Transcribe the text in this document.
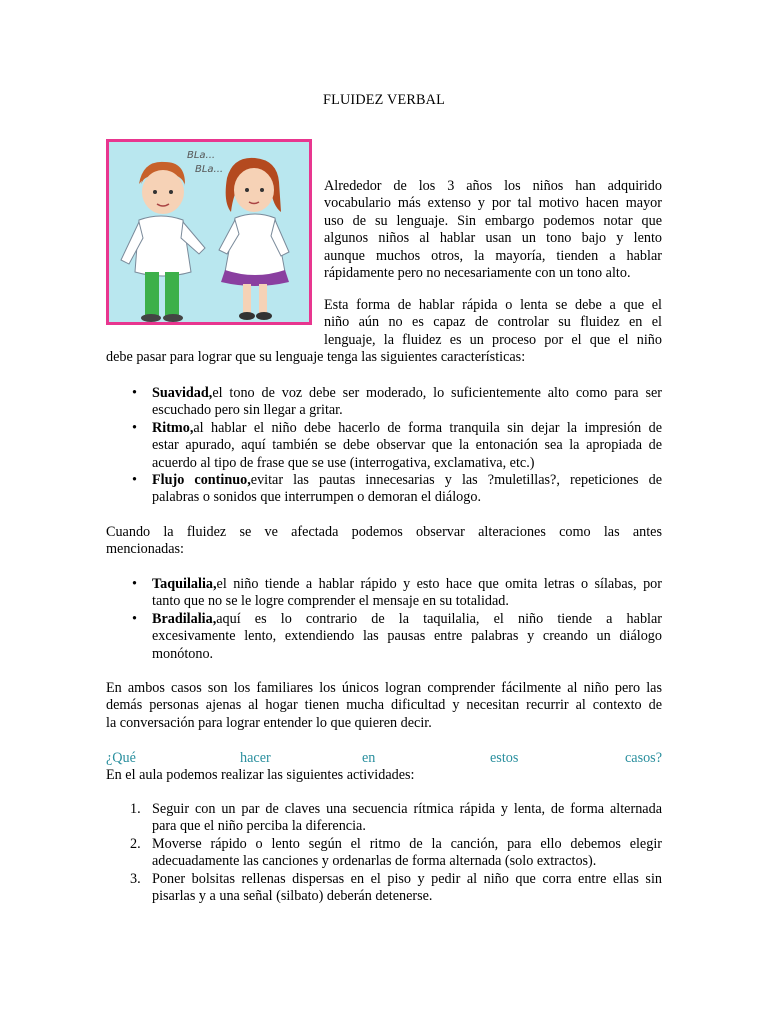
FLUIDEZ VERBAL
BLa...
BLa...
Alrededor de los 3 años los niños han adquirido
vocabulario más extenso y por tal motivo hacen mayor
uso de su lenguaje. Sin embargo podemos notar que
algunos niños al hablar usan un tono bajo y lento
aunque muchos otros, la mayoría, tienden a hablar
rápidamente pero no necesariamente con un tono alto.
Esta forma de hablar rápida o lenta se debe a que el
niño aún no es capaz de controlar su fluidez en el
lenguaje, la fluidez es un proceso por el que el niño
debe pasar para lograr que su lenguaje tenga las siguientes características:
•	Suavidad,el tono de voz debe ser moderado, lo suficientemente alto como para ser
escuchado pero sin llegar a gritar.
•	Ritmo,al hablar el niño debe hacerlo de forma tranquila sin dejar la impresión de
estar apurado, aquí también se debe observar que la entonación sea la apropiada de
acuerdo al tipo de frase que se use (interrogativa, exclamativa, etc.)
•	Flujo continuo,evitar las pautas innecesarias y las ?muletillas?, repeticiones de
palabras o sonidos que interrumpen o demoran el diálogo.
Cuando la fluidez se ve afectada podemos observar alteraciones como las antes
mencionadas:
•	Taquilalia,el niño tiende a hablar rápido y esto hace que omita letras o sílabas, por
tanto que no se le logre comprender el mensaje en su totalidad.
•	Bradilalia,aquí es lo contrario de la taquilalia, el niño tiende a hablar
excesivamente lento, extendiendo las pausas entre palabras y creando un diálogo
monótono.
En ambos casos son los familiares los únicos logran comprender fácilmente al niño pero las
demás personas ajenas al hogar tienen mucha dificultad y necesitan recurrir al contexto de
la conversación para lograr entender lo que quieren decir.
¿Qué	hacer	en	estos	casos?
En el aula podemos realizar las siguientes actividades:
1. Seguir con un par de claves una secuencia rítmica rápida y lenta, de forma alternada
para que el niño perciba la diferencia.
2. Moverse rápido o lento según el ritmo de la canción, para ello debemos elegir
adecuadamente las canciones y ordenarlas de forma alternada (solo extractos).
3. Poner bolsitas rellenas dispersas en el piso y pedir al niño que corra entre ellas sin
pisarlas y a una señal (silbato) deberán detenerse.
